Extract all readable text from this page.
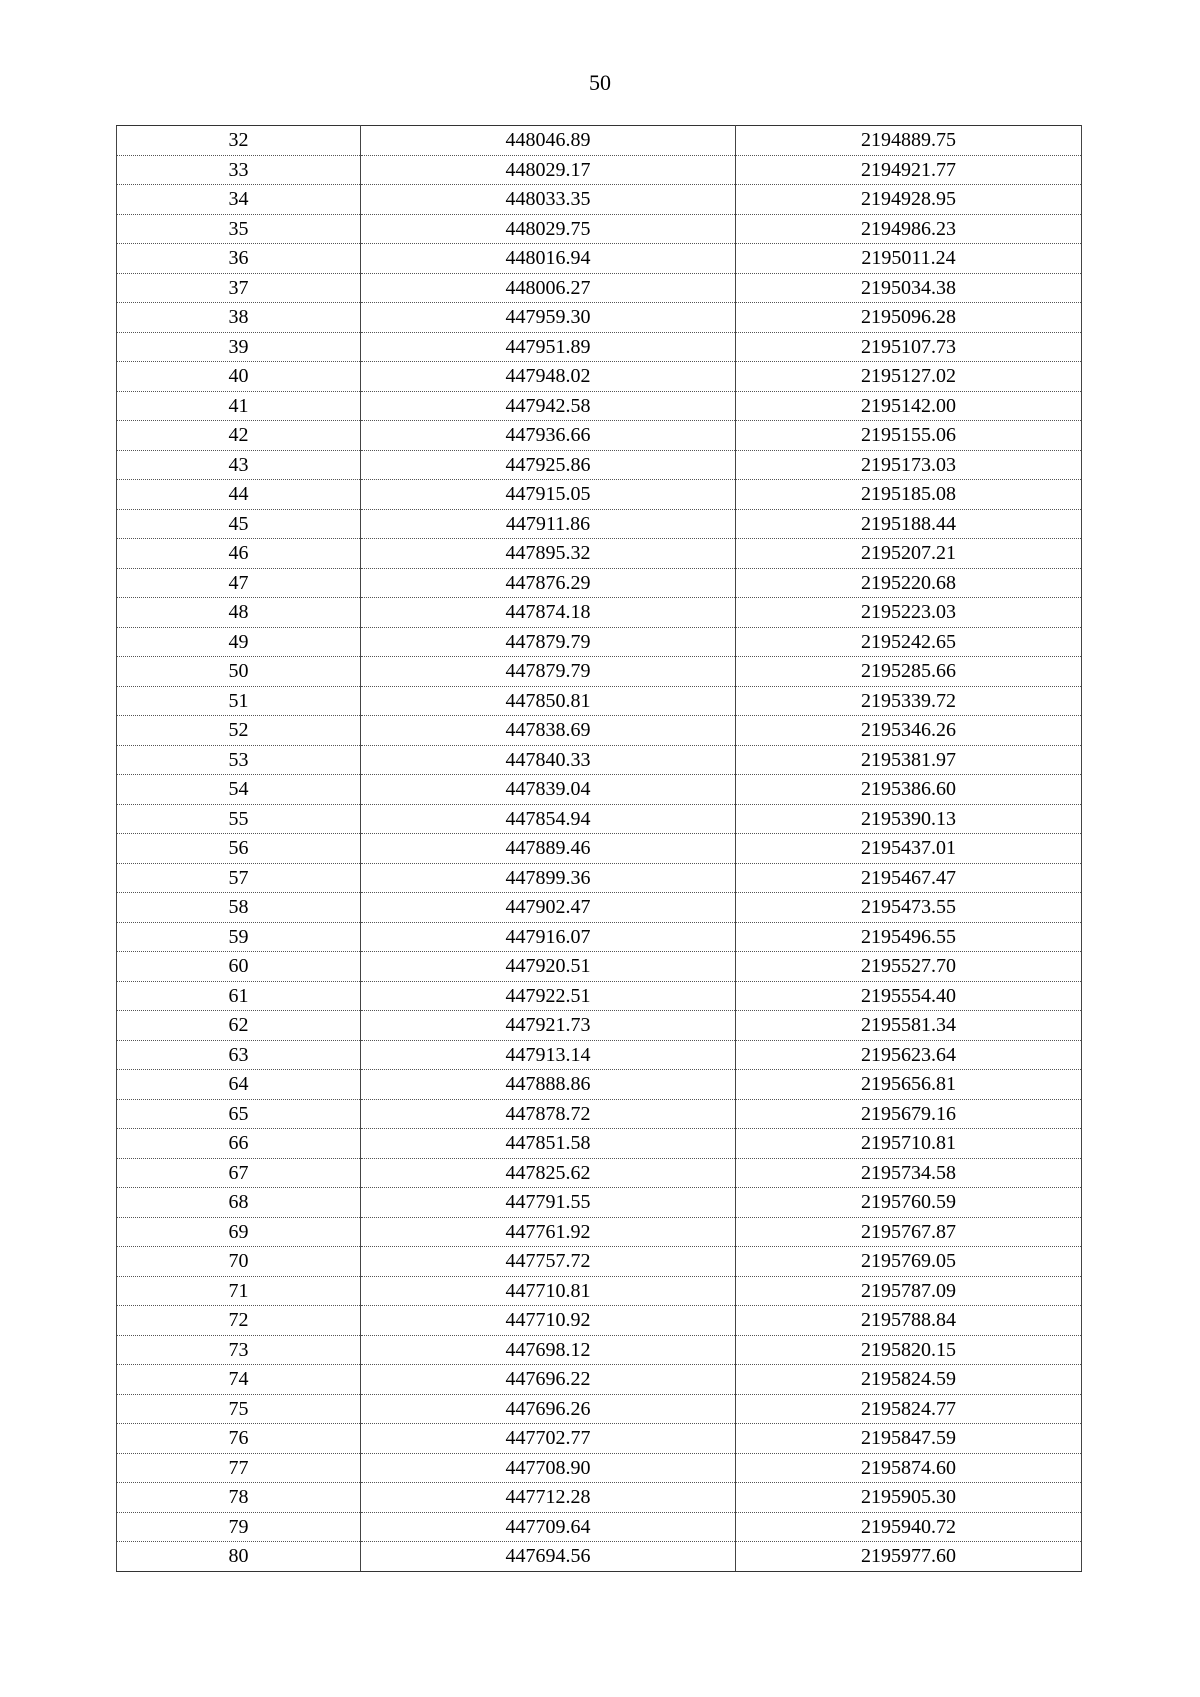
50
32	448046.89	2194889.75
33	448029.17	2194921.77
34	448033.35	2194928.95
35	448029.75	2194986.23
36	448016.94	2195011.24
37	448006.27	2195034.38
38	447959.30	2195096.28
39	447951.89	2195107.73
40	447948.02	2195127.02
41	447942.58	2195142.00
42	447936.66	2195155.06
43	447925.86	2195173.03
44	447915.05	2195185.08
45	447911.86	2195188.44
46	447895.32	2195207.21
47	447876.29	2195220.68
48	447874.18	2195223.03
49	447879.79	2195242.65
50	447879.79	2195285.66
51	447850.81	2195339.72
52	447838.69	2195346.26
53	447840.33	2195381.97
54	447839.04	2195386.60
55	447854.94	2195390.13
56	447889.46	2195437.01
57	447899.36	2195467.47
58	447902.47	2195473.55
59	447916.07	2195496.55
60	447920.51	2195527.70
61	447922.51	2195554.40
62	447921.73	2195581.34
63	447913.14	2195623.64
64	447888.86	2195656.81
65	447878.72	2195679.16
66	447851.58	2195710.81
67	447825.62	2195734.58
68	447791.55	2195760.59
69	447761.92	2195767.87
70	447757.72	2195769.05
71	447710.81	2195787.09
72	447710.92	2195788.84
73	447698.12	2195820.15
74	447696.22	2195824.59
75	447696.26	2195824.77
76	447702.77	2195847.59
77	447708.90	2195874.60
78	447712.28	2195905.30
79	447709.64	2195940.72
80	447694.56	2195977.60
